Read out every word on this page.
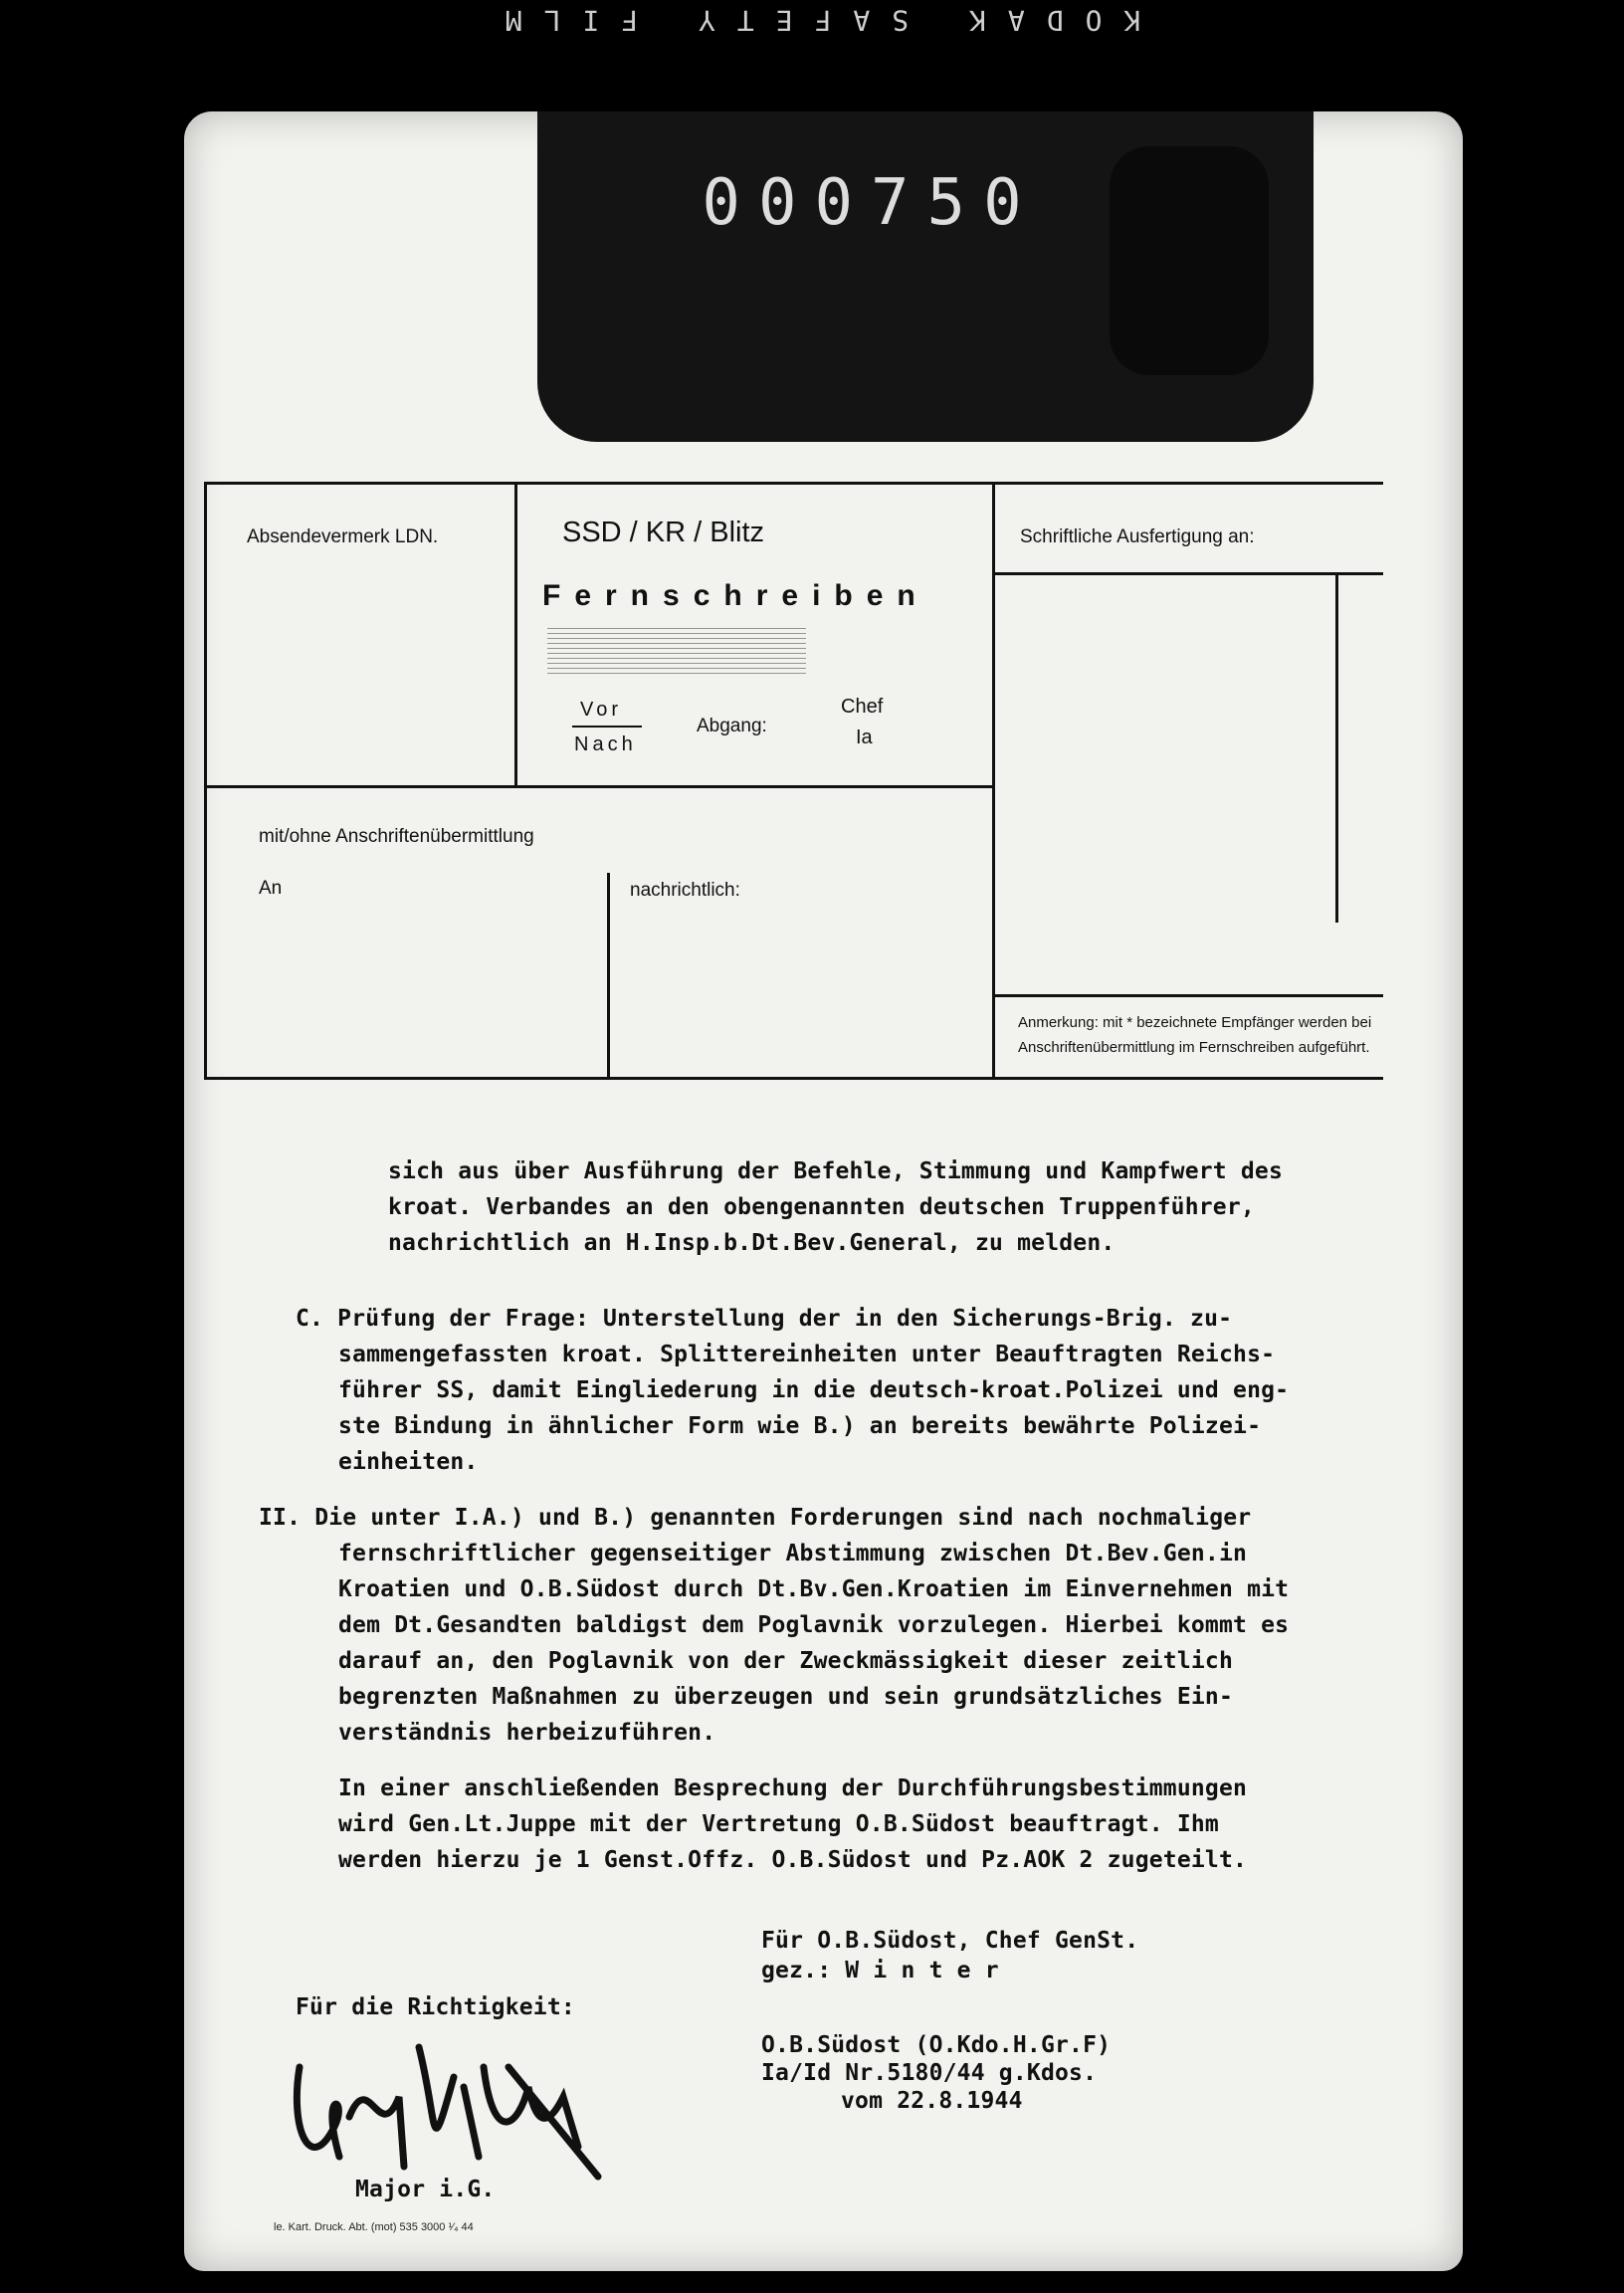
KODAK SAFETY FILM
000750
Absendevermerk LDN.	SSD / KR / Blitz
Fernschreiben
Vor
Nach
Abgang:
Chef
Ia
Schriftliche Ausfertigung an:
mit/ohne Anschriftenübermittlung
An	nachrichtlich:
Anmerkung: mit * bezeichnete Empfänger werden bei
Anschriftenübermittlung im Fernschreiben aufgeführt.
sich aus über Ausführung der Befehle, Stimmung und Kampfwert des
kroat. Verbandes an den obengenannten deutschen Truppenführer,
nachrichtlich an H.Insp.b.Dt.Bev.General, zu melden.
C. Prüfung der Frage: Unterstellung der in den Sicherungs-Brig. zu-
sammengefassten kroat. Splittereinheiten unter Beauftragten Reichs-
führer SS, damit Eingliederung in die deutsch-kroat.Polizei und eng-
ste Bindung in ähnlicher Form wie B.) an bereits bewährte Polizei-
einheiten.
II. Die unter I.A.) und B.) genannten Forderungen sind nach nochmaliger
fernschriftlicher gegenseitiger Abstimmung zwischen Dt.Bev.Gen.in
Kroatien und O.B.Südost durch Dt.Bv.Gen.Kroatien im Einvernehmen mit
dem Dt.Gesandten baldigst dem Poglavnik vorzulegen. Hierbei kommt es
darauf an, den Poglavnik von der Zweckmässigkeit dieser zeitlich
begrenzten Maßnahmen zu überzeugen und sein grundsätzliches Ein-
verständnis herbeizuführen.
In einer anschließenden Besprechung der Durchführungsbestimmungen
wird Gen.Lt.Juppe mit der Vertretung O.B.Südost beauftragt. Ihm
werden hierzu je 1 Genst.Offz. O.B.Südost und Pz.AOK 2 zugeteilt.
Für O.B.Südost, Chef GenSt.
gez.: W i n t e r
Für die Richtigkeit:
O.B.Südost (O.Kdo.H.Gr.F)
Ia/Id Nr.5180/44 g.Kdos.
vom 22.8.1944
Major i.G.
le. Kart. Druck. Abt. (mot) 535 3000 ¹⁄₄ 44
